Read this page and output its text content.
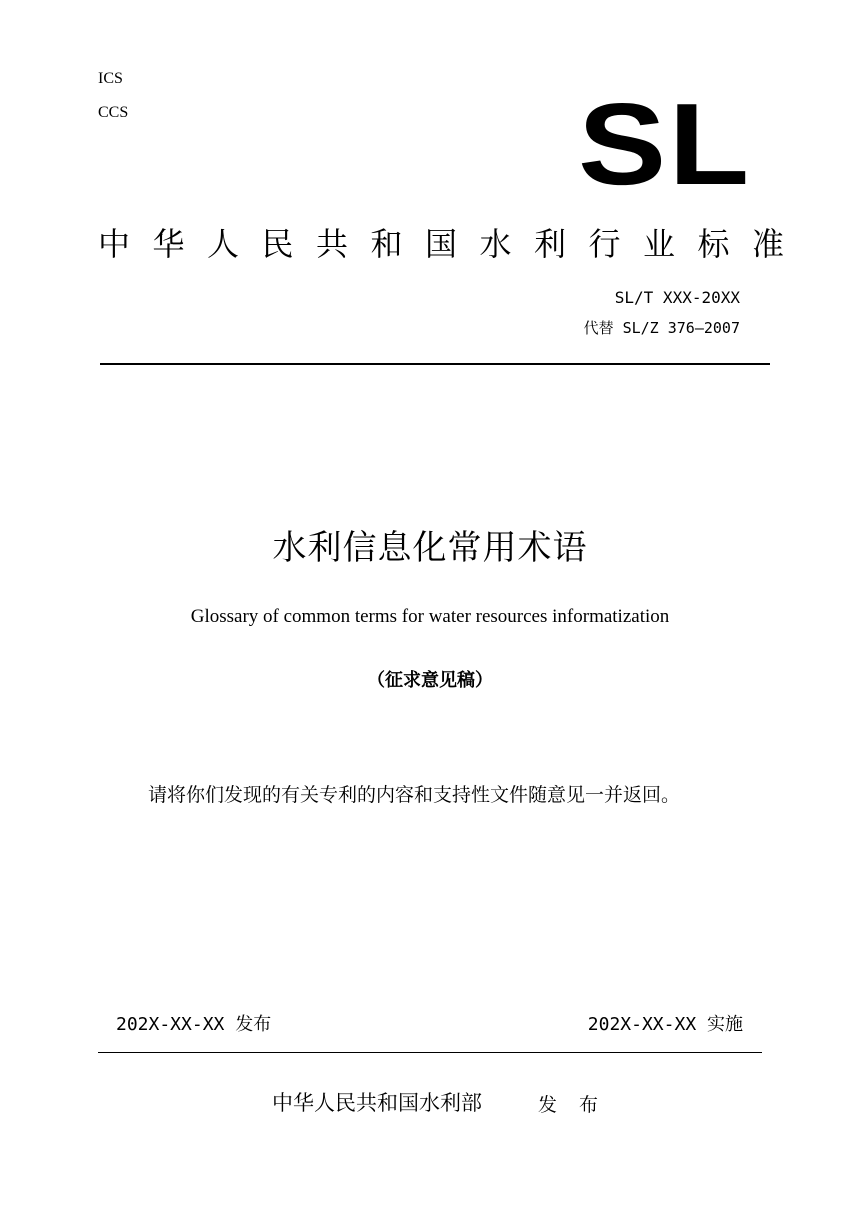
ICS
CCS	SL
中华人民共和国水利行业标准
SL/T XXX-20XX
代替 SL/Z 376—2007
水利信息化常用术语
Glossary of common terms for water resources informatization
（征求意见稿）
请将你们发现的有关专利的内容和支持性文件随意见一并返回。
202X-XX-XX 发布	202X-XX-XX 实施
中华人民共和国水利部	发 布
